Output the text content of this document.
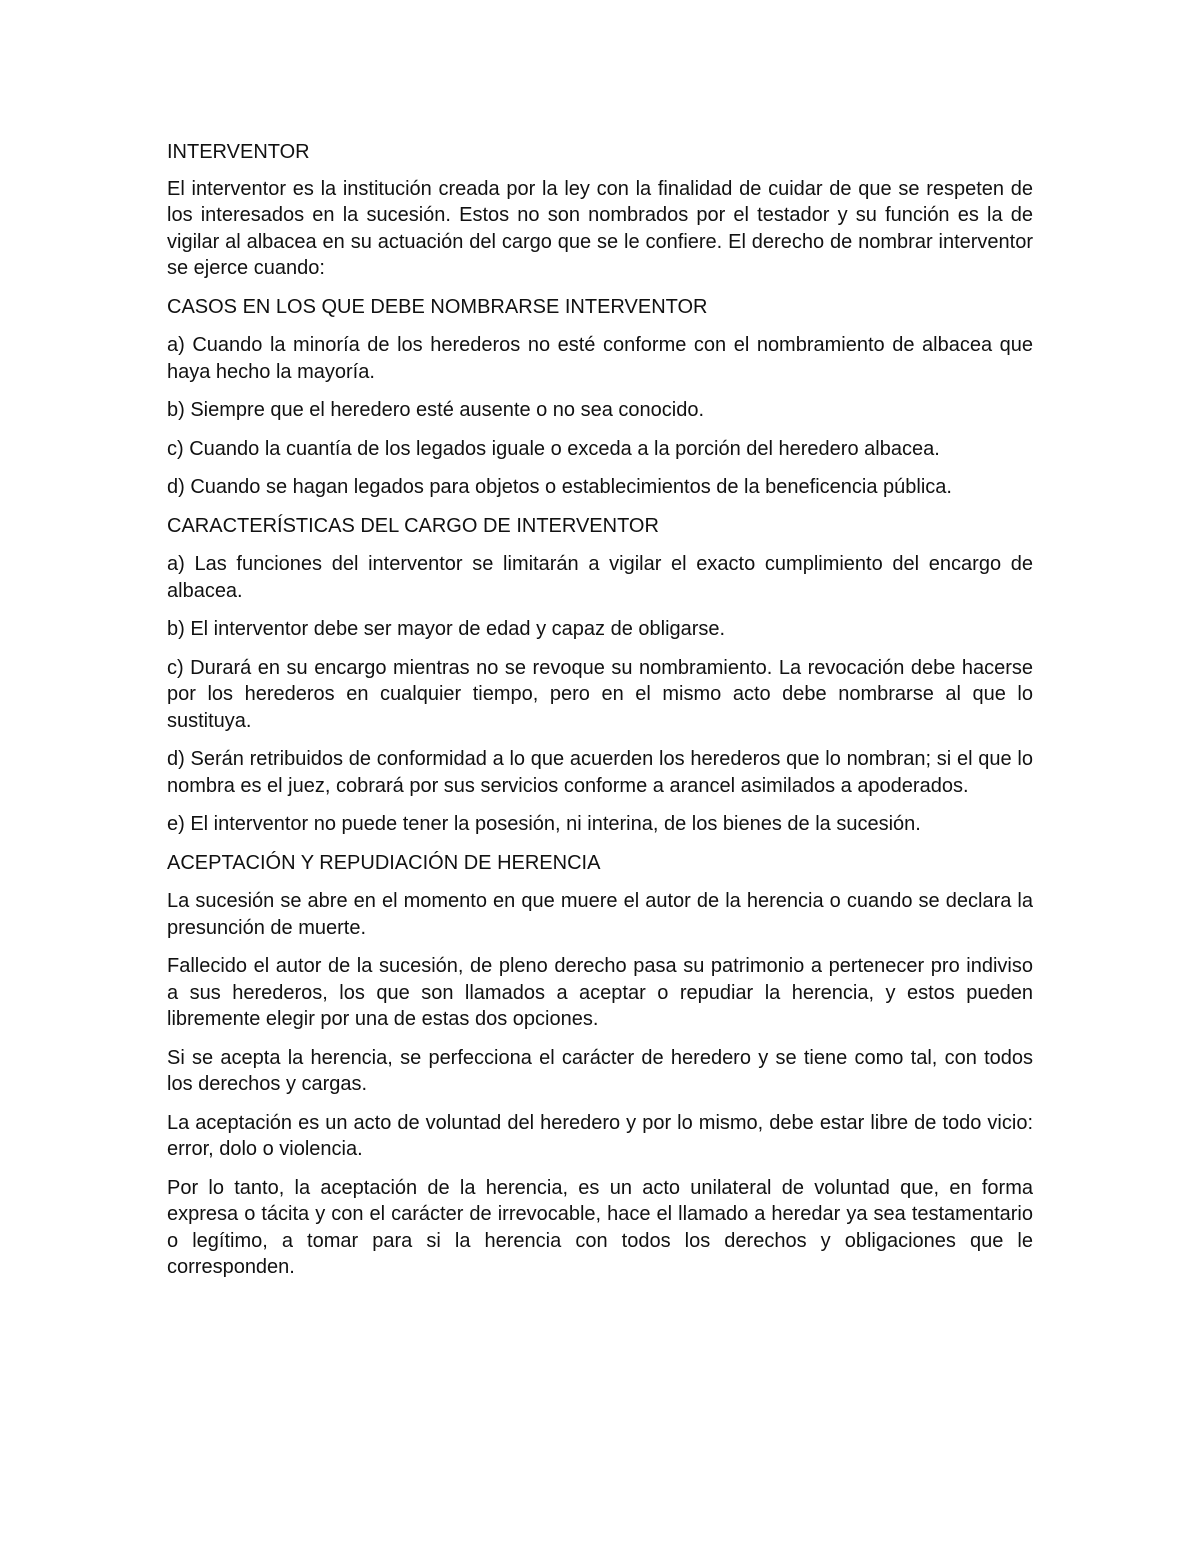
INTERVENTOR

El interventor es la institución creada por la ley con la finalidad de cuidar de que se respeten de los interesados en la sucesión. Estos no son nombrados por el testador y su función es la de vigilar al albacea en su actuación del cargo que se le confiere. El derecho de nombrar interventor se ejerce cuando:

CASOS EN LOS QUE DEBE NOMBRARSE INTERVENTOR

a) Cuando la minoría de los herederos no esté conforme con el nombramiento de albacea que haya hecho la mayoría.

b) Siempre que el heredero esté ausente o no sea conocido.

c) Cuando la cuantía de los legados iguale o exceda a la porción del heredero albacea.

d) Cuando se hagan legados para objetos o establecimientos de la beneficencia pública.

CARACTERÍSTICAS DEL CARGO DE INTERVENTOR

a) Las funciones del interventor se limitarán a vigilar el exacto cumplimiento del encargo de albacea.

b) El interventor debe ser mayor de edad y capaz de obligarse.

c) Durará en su encargo mientras no se revoque su nombramiento. La revocación debe hacerse por los herederos en cualquier tiempo, pero en el mismo acto debe nombrarse al que lo sustituya.

d) Serán retribuidos de conformidad a lo que acuerden los herederos que lo nombran; si el que lo nombra es el juez, cobrará por sus servicios conforme a arancel asimilados a apoderados.

e) El interventor no puede tener la posesión, ni interina, de los bienes de la sucesión.

ACEPTACIÓN Y REPUDIACIÓN DE HERENCIA

La sucesión se abre en el momento en que muere el autor de la herencia o cuando se declara la presunción de muerte.

Fallecido el autor de la sucesión, de pleno derecho pasa su patrimonio a pertenecer pro indiviso a sus herederos, los que son llamados a aceptar o repudiar la herencia, y estos pueden libremente elegir por una de estas dos opciones.

Si se acepta la herencia, se perfecciona el carácter de heredero y se tiene como tal, con todos los derechos y cargas.

La aceptación es un acto de voluntad del heredero y por lo mismo, debe estar libre de todo vicio: error, dolo o violencia.

Por lo tanto, la aceptación de la herencia, es un acto unilateral de voluntad que, en forma expresa o tácita y con el carácter de irrevocable, hace el llamado a heredar ya sea testamentario o legítimo, a tomar para si la herencia con todos los derechos y obligaciones que le corresponden.
